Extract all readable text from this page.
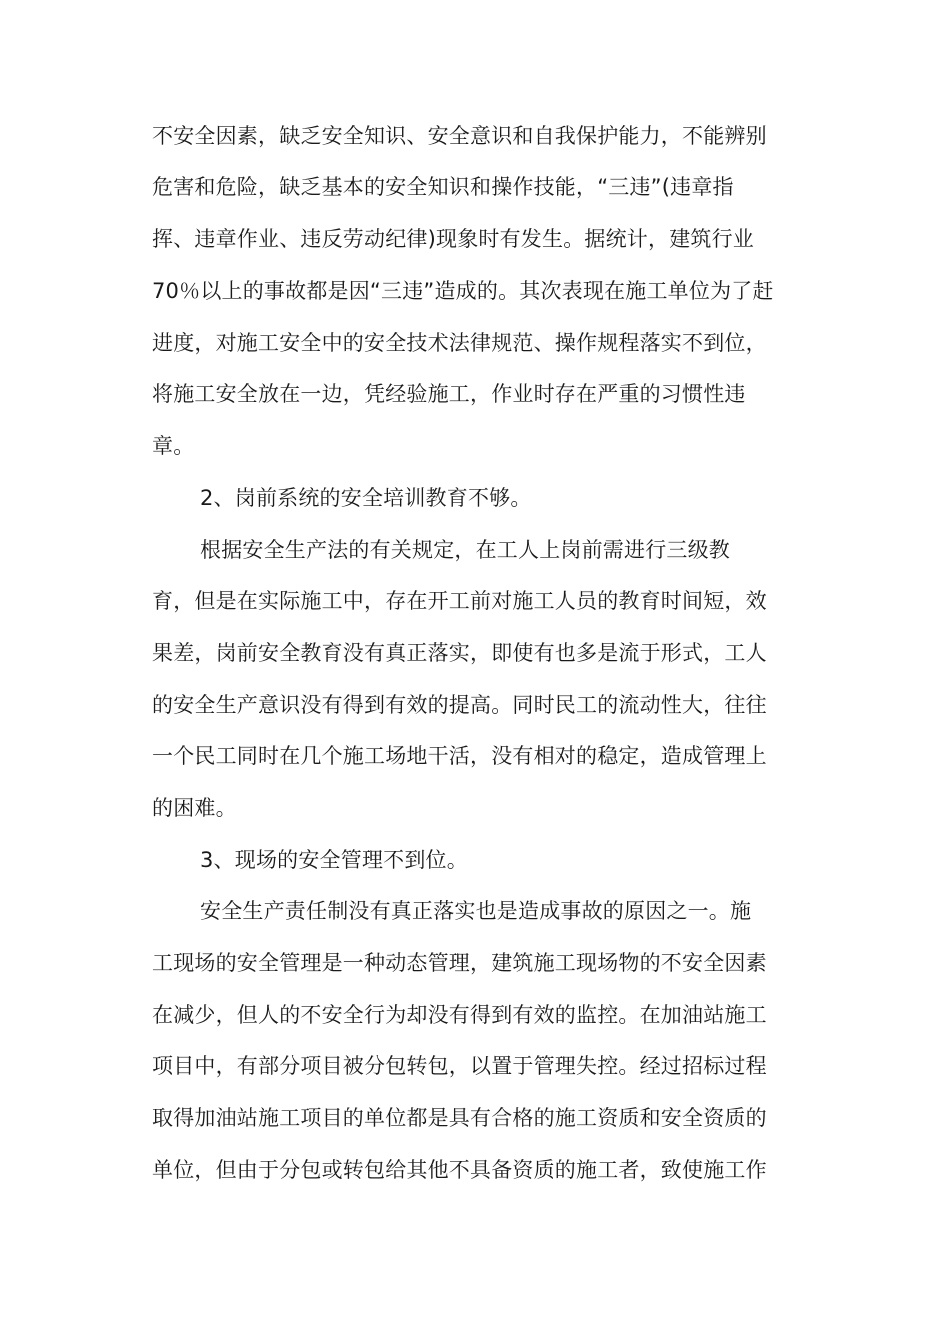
不安全因素，缺乏安全知识、安全意识和自我保护能力，不能辨别
危害和危险，缺乏基本的安全知识和操作技能，“三违”(违章指
挥、违章作业、违反劳动纪律)现象时有发生。据统计，建筑行业
70％以上的事故都是因“三违”造成的。其次表现在施工单位为了赶
进度，对施工安全中的安全技术法律规范、操作规程落实不到位，
将施工安全放在一边，凭经验施工，作业时存在严重的习惯性违
章。
2、岗前系统的安全培训教育不够。
根据安全生产法的有关规定，在工人上岗前需进行三级教
育，但是在实际施工中，存在开工前对施工人员的教育时间短，效
果差，岗前安全教育没有真正落实，即使有也多是流于形式，工人
的安全生产意识没有得到有效的提高。同时民工的流动性大，往往
一个民工同时在几个施工场地干活，没有相对的稳定，造成管理上
的困难。
3、现场的安全管理不到位。
安全生产责任制没有真正落实也是造成事故的原因之一。施
工现场的安全管理是一种动态管理，建筑施工现场物的不安全因素
在减少，但人的不安全行为却没有得到有效的监控。在加油站施工
项目中，有部分项目被分包转包，以置于管理失控。经过招标过程
取得加油站施工项目的单位都是具有合格的施工资质和安全资质的
单位，但由于分包或转包给其他不具备资质的施工者，致使施工作
